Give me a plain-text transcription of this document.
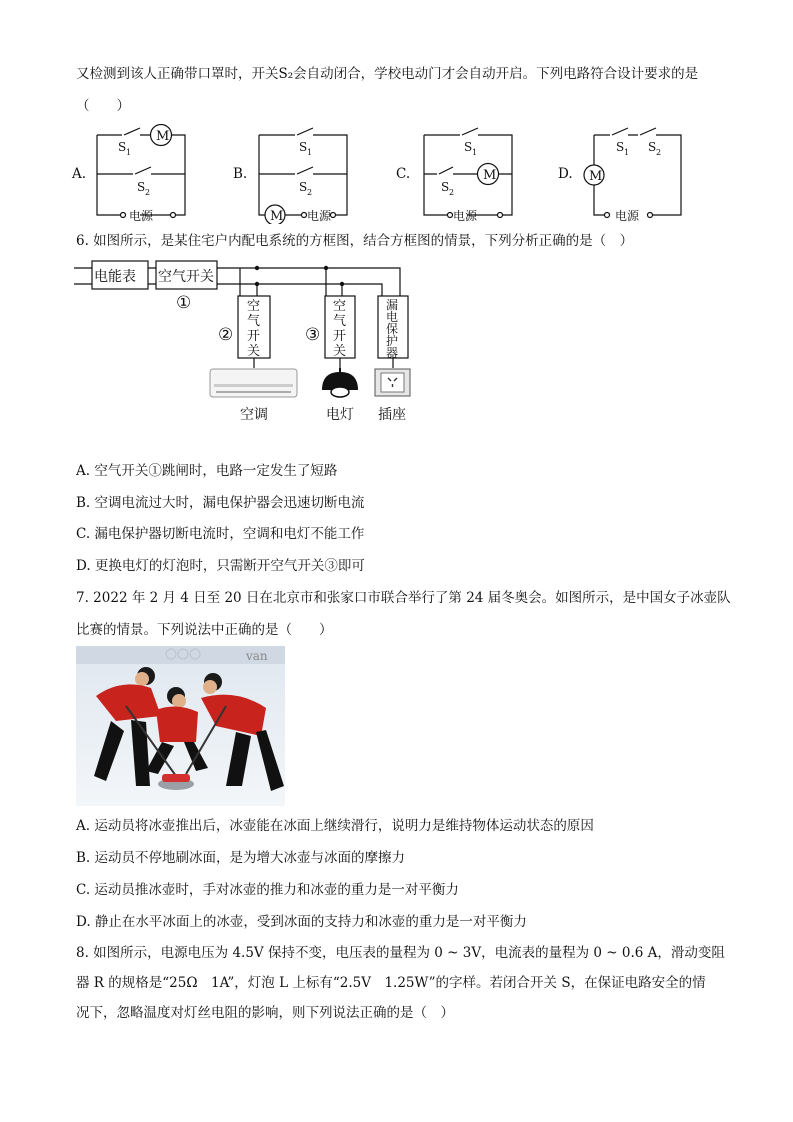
又检测到该人正确带口罩时，开关S₂会自动闭合，学校电动门才会自动开启。下列电路符合设计要求的是
（　　）
A.
M
S 1
S 2
电源
B.
M
S 1
S 2
电源
C.	M
S 1
S 2
电源
D. M
S 1 S 2
电源
6. 如图所示，是某住宅户内配电系统的方框图，结合方框图的情景，下列分析正确的是（　）
电能表 空气开关
①
②	③
空
气
开
关
空
气
开
关
漏
电
保
护
器
空调	电灯 插座
A. 空气开关①跳闸时，电路一定发生了短路
B. 空调电流过大时，漏电保护器会迅速切断电流
C. 漏电保护器切断电流时，空调和电灯不能工作
D. 更换电灯的灯泡时，只需断开空气开关③即可
7. 2022 年 2 月 4 日至 20 日在北京市和张家口市联合举行了第 24 届冬奥会。如图所示，是中国女子冰壶队
比赛的情景。下列说法中正确的是（　　）
van
A. 运动员将冰壶推出后，冰壶能在冰面上继续滑行，说明力是维持物体运动状态的原因
B. 运动员不停地刷冰面，是为增大冰壶与冰面的摩擦力
C. 运动员推冰壶时，手对冰壶的推力和冰壶的重力是一对平衡力
D. 静止在水平冰面上的冰壶，受到冰面的支持力和冰壶的重力是一对平衡力
8. 如图所示，电源电压为 4.5V 保持不变，电压表的量程为 0 ~ 3V，电流表的量程为 0 ~ 0.6 A，滑动变阻
器 R 的规格是“25Ω　1A”，灯泡 L 上标有“2.5V　1.25W”的字样。若闭合开关 S，在保证电路安全的情
况下，忽略温度对灯丝电阻的影响，则下列说法正确的是（　）
